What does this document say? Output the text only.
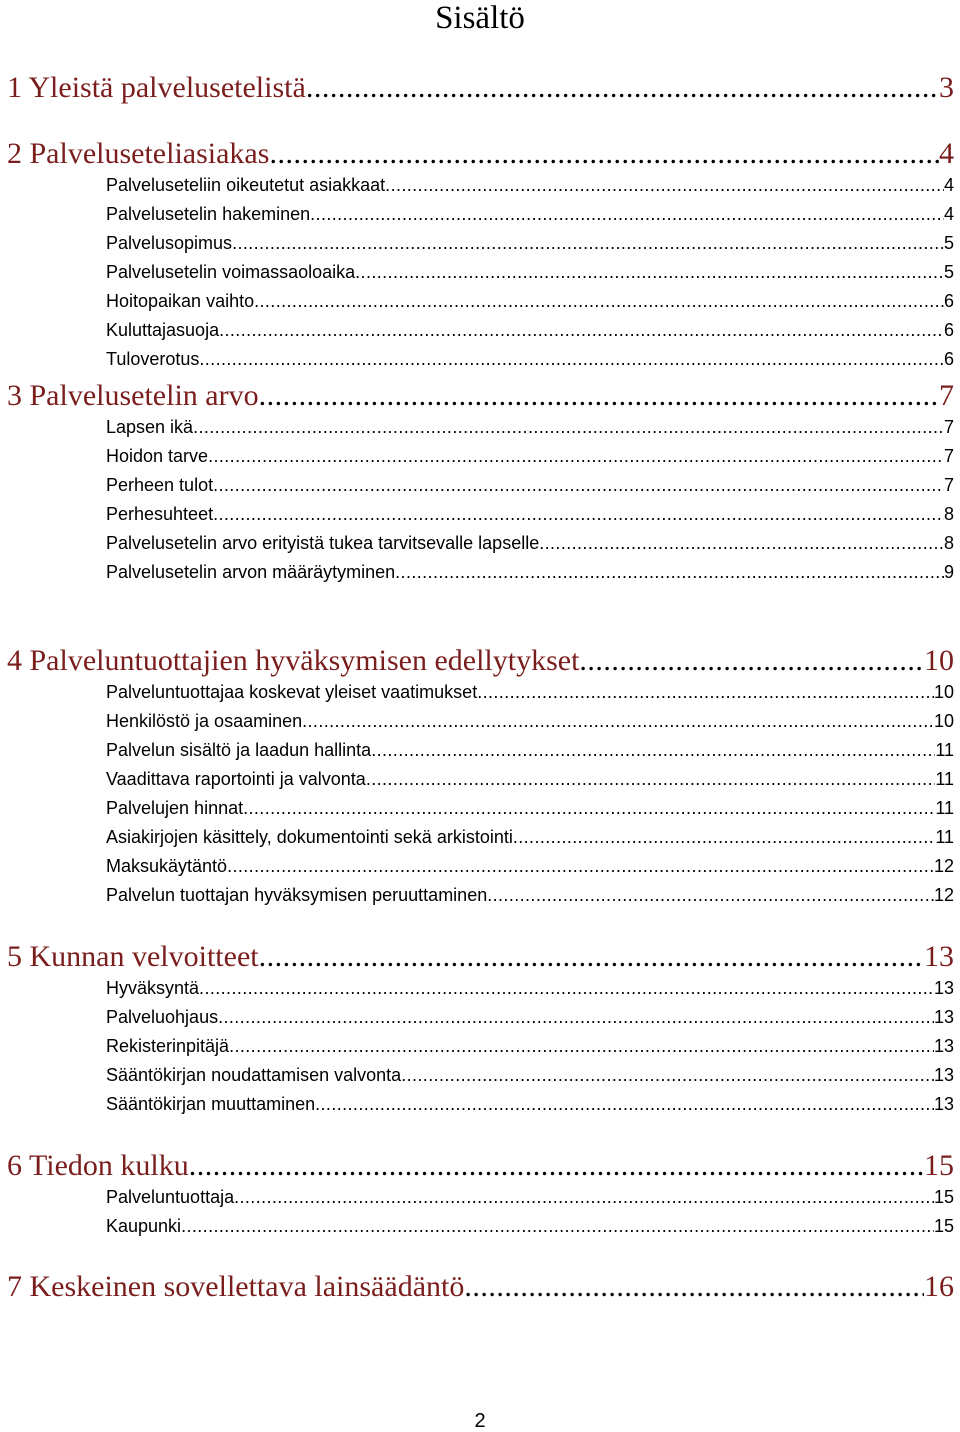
Sisältö
1 Yleistä palvelusetelistä .....	3
2 Palveluseteliasiakas .....	4
Palveluseteliin oikeutetut asiakkaat .....	4
Palvelusetelin hakeminen .....	4
Palvelusopimus .....	5
Palvelusetelin voimassaoloaika .....	5
Hoitopaikan vaihto .....	6
Kuluttajasuoja .....	6
Tuloverotus .....	6
3 Palvelusetelin arvo .....	7
Lapsen ikä .....	7
Hoidon tarve .....	7
Perheen tulot .....	7
Perhesuhteet .....	8
Palvelusetelin arvo erityistä tukea tarvitsevalle lapselle .....	8
Palvelusetelin arvon määräytyminen .....	9
4 Palveluntuottajien hyväksymisen edellytykset .....	10
Palveluntuottajaa koskevat yleiset vaatimukset .....	10
Henkilöstö ja osaaminen .....	10
Palvelun sisältö ja laadun hallinta .....	11
Vaadittava raportointi ja valvonta .....	11
Palvelujen hinnat .....	11
Asiakirjojen käsittely, dokumentointi sekä arkistointi .....	11
Maksukäytäntö .....	12
Palvelun tuottajan hyväksymisen peruuttaminen .....	12
5 Kunnan velvoitteet .....	13
Hyväksyntä .....	13
Palveluohjaus .....	13
Rekisterinpitäjä .....	13
Sääntökirjan noudattamisen valvonta .....	13
Sääntökirjan muuttaminen .....	13
6 Tiedon kulku .....	15
Palveluntuottaja .....	15
Kaupunki .....	15
7 Keskeinen sovellettava lainsäädäntö .....	16
2
